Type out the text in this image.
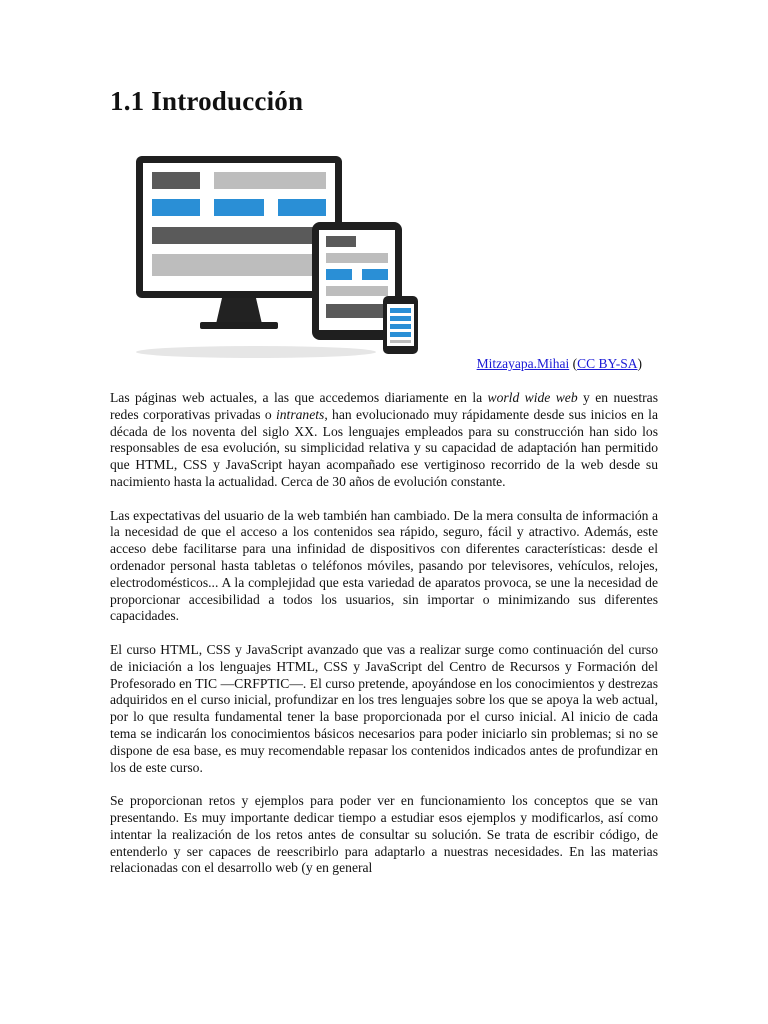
1.1 Introducción
Mitzayapa.Mihai (CC BY-SA)

Las páginas web actuales, a las que accedemos diariamente en la world wide web y en nuestras redes corporativas privadas o intranets, han evolucionado muy rápidamente desde sus inicios en la década de los noventa del siglo XX. Los lenguajes empleados para su construcción han sido los responsables de esa evolución, su simplicidad relativa y su capacidad de adaptación han permitido que HTML, CSS y JavaScript hayan acompañado ese vertiginoso recorrido de la web desde su nacimiento hasta la actualidad. Cerca de 30 años de evolución constante.

Las expectativas del usuario de la web también han cambiado. De la mera consulta de información a la necesidad de que el acceso a los contenidos sea rápido, seguro, fácil y atractivo. Además, este acceso debe facilitarse para una infinidad de dispositivos con diferentes características: desde el ordenador personal hasta tabletas o teléfonos móviles, pasando por televisores, vehículos, relojes, electrodomésticos... A la complejidad que esta variedad de aparatos provoca, se une la necesidad de proporcionar accesibilidad a todos los usuarios, sin importar o minimizando sus diferentes capacidades.

El curso HTML, CSS y JavaScript avanzado que vas a realizar surge como continuación del curso de iniciación a los lenguajes HTML, CSS y JavaScript del Centro de Recursos y Formación del Profesorado en TIC —CRFPTIC—. El curso pretende, apoyándose en los conocimientos y destrezas adquiridos en el curso inicial, profundizar en los tres lenguajes sobre los que se apoya la web actual, por lo que resulta fundamental tener la base proporcionada por el curso inicial. Al inicio de cada tema se indicarán los conocimientos básicos necesarios para poder iniciarlo sin problemas; si no se dispone de esa base, es muy recomendable repasar los contenidos indicados antes de profundizar en los de este curso.

Se proporcionan retos y ejemplos para poder ver en funcionamiento los conceptos que se van presentando. Es muy importante dedicar tiempo a estudiar esos ejemplos y modificarlos, así como intentar la realización de los retos antes de consultar su solución. Se trata de escribir código, de entenderlo y ser capaces de reescribirlo para adaptarlo a nuestras necesidades. En las materias relacionadas con el desarrollo web (y en general
